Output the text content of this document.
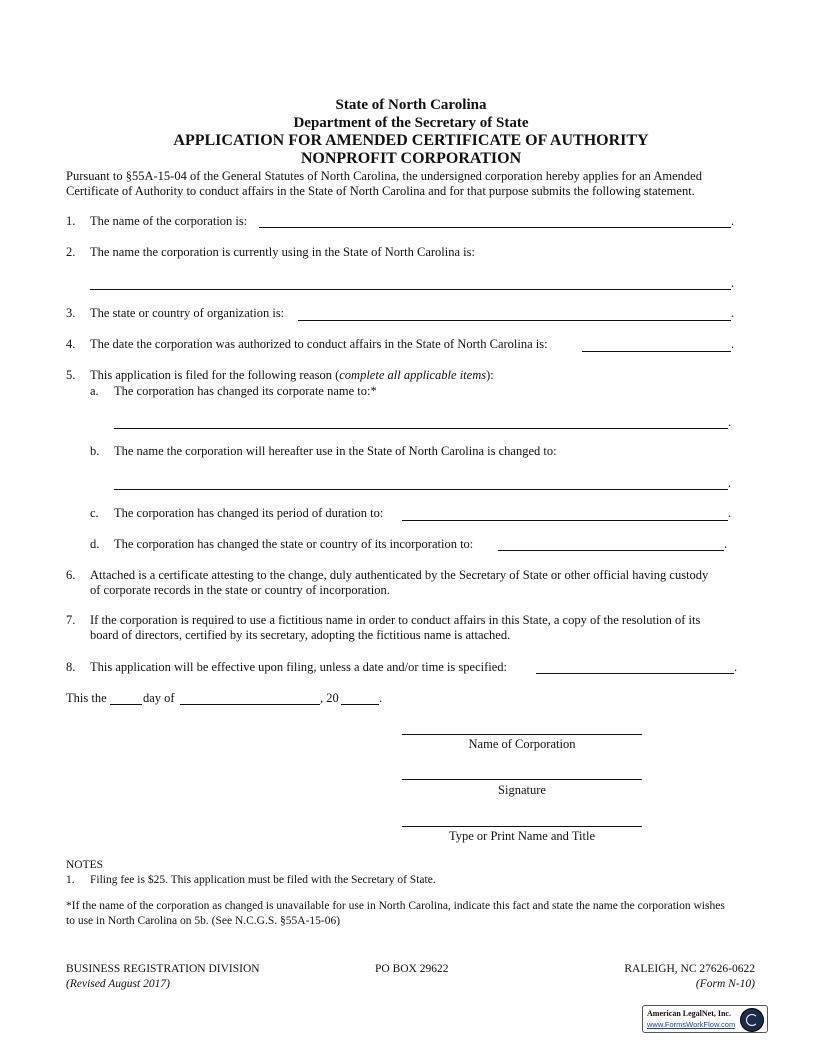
State of North Carolina
Department of the Secretary of State
APPLICATION FOR AMENDED CERTIFICATE OF AUTHORITY
NONPROFIT CORPORATION
Pursuant to §55A-15-04 of the General Statutes of North Carolina, the undersigned corporation hereby applies for an Amended
Certificate of Authority to conduct affairs in the State of North Carolina and for that purpose submits the following statement.
1. The name of the corporation is:	.
2. The name the corporation is currently using in the State of North Carolina is:
.
3. The state or country of organization is:	.
4. The date the corporation was authorized to conduct affairs in the State of North Carolina is:	.
5. This application is filed for the following reason (complete all applicable items):
a. The corporation has changed its corporate name to:*
.
b. The name the corporation will hereafter use in the State of North Carolina is changed to:
.
c. The corporation has changed its period of duration to:	.
d. The corporation has changed the state or country of its incorporation to:	.
6. Attached is a certificate attesting to the change, duly authenticated by the Secretary of State or other official having custody
of corporate records in the state or country of incorporation.
7. If the corporation is required to use a fictitious name in order to conduct affairs in this State, a copy of the resolution of its
board of directors, certified by its secretary, adopting the fictitious name is attached.
8. This application will be effective upon filing, unless a date and/or time is specified:	.
This the	day of	, 20	.
Name of Corporation
Signature
Type or Print Name and Title
NOTES
1. Filing fee is $25. This application must be filed with the Secretary of State.
*If the name of the corporation as changed is unavailable for use in North Carolina, indicate this fact and state the name the corporation wishes
to use in North Carolina on 5b. (See N.C.G.S. §55A-15-06)
BUSINESS REGISTRATION DIVISION	PO BOX 29622	RALEIGH, NC 27626-0622
(Revised August 2017)	(Form N-10)
American LegalNet, Inc.
www.FormsWorkFlow.com
